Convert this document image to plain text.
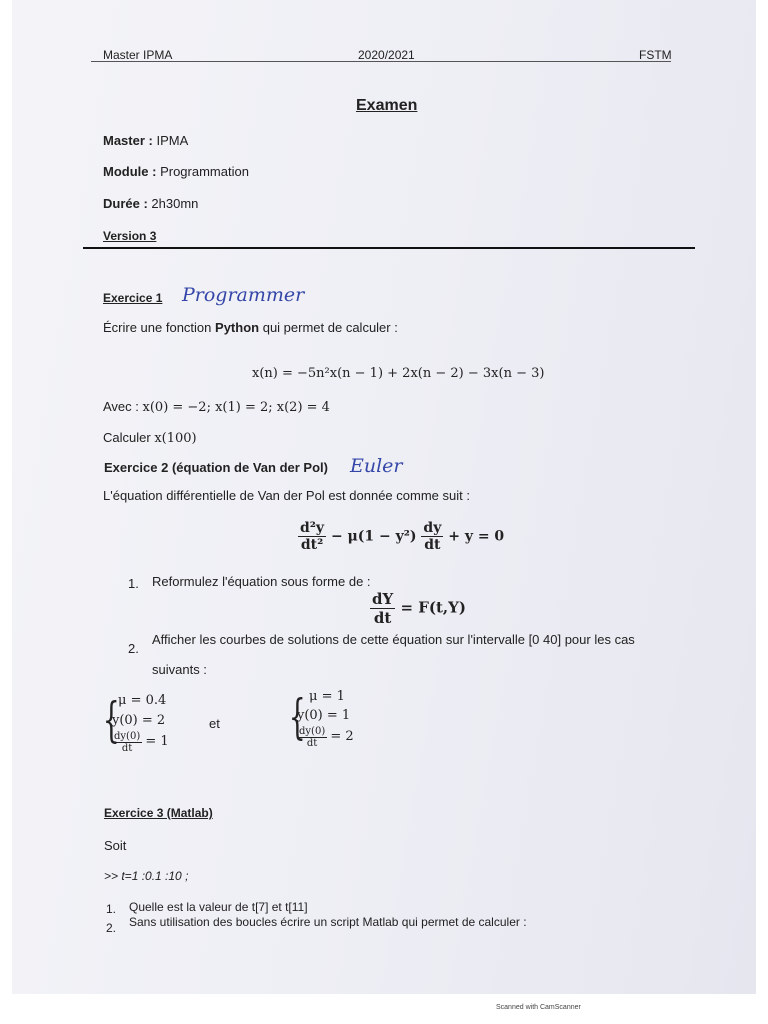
Master IPMA	2020/2021	FSTM
Examen
Master : IPMA
Module : Programmation
Durée : 2h30mn
Version 3
Exercice 1 Programmer
Écrire une fonction Python qui permet de calculer :
x(n) = −5n²x(n − 1) + 2x(n − 2) − 3x(n − 3)
Avec : x(0) = −2; x(1) = 2; x(2) = 4
Calculer x(100)
Exercice 2 (équation de Van der Pol) Euler
L'équation différentielle de Van der Pol est donnée comme suit :
$\frac{\text{d²y}}{\text{dt²}} - \mu(1 - y^2) \frac{dy}{dt} + y = 0$
1. Reformulez l'équation sous forme de :
$\frac{dY}{dt} = F(t,Y)$
2.
Afficher les courbes de solutions de cette équation sur l'intervalle [0 40] pour les cas
suivants :
{
μ = 0.4
y(0) = 2
$\frac{dy(0)}{dt} = 1$
et { μ = 1
y(0) = 1
$\frac{dy(0)}{dt} = 2$
Exercice 3 (Matlab)
Soit
>> t=1 :0.1 :10 ;
1. Quelle est la valeur de t[7] et t[11]
2. Sans utilisation des boucles écrire un script Matlab qui permet de calculer :
Scanned with CamScanner
